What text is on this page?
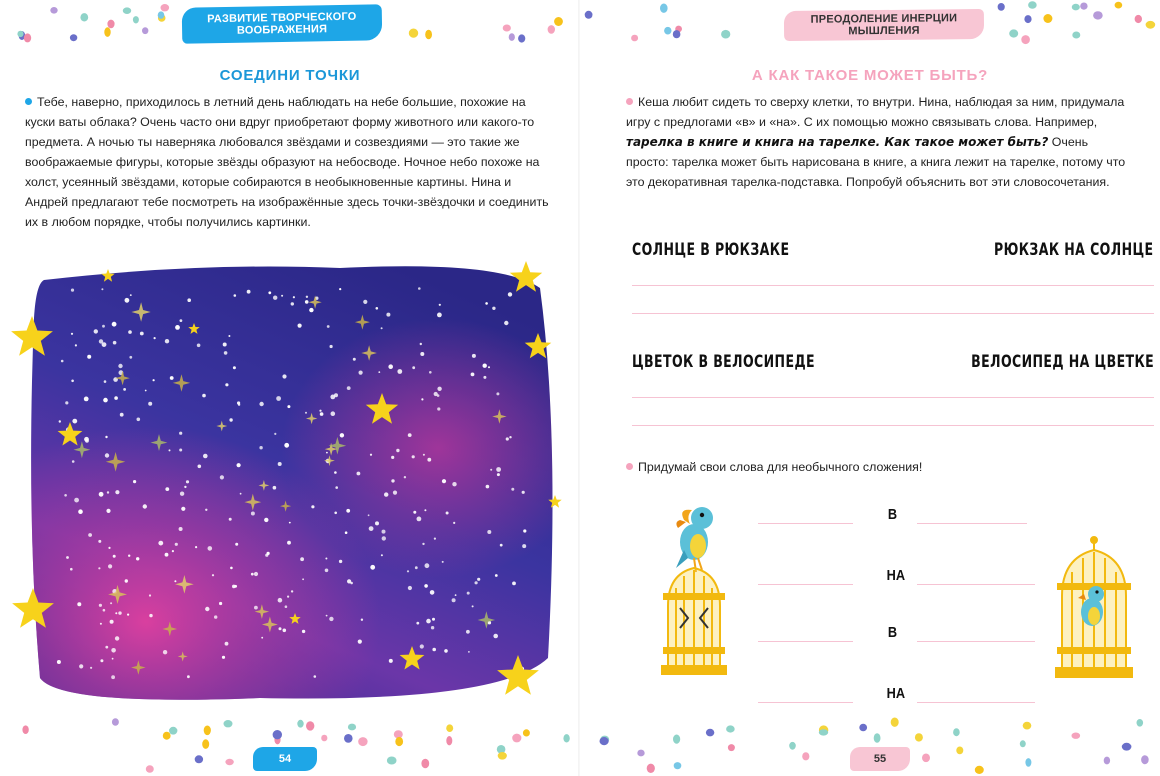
РАЗВИТИЕ ТВОРЧЕСКОГО ВООБРАЖЕНИЯ
СОЕДИНИ ТОЧКИ
Тебе, наверно, приходилось в летний день наблюдать на небе большие, похожие на куски ваты облака? Очень часто они вдруг приобретают форму животного или какого-то предмета. А ночью ты наверняка любовался звёздами и созвездиями — это такие же воображаемые фигуры, которые звёзды образуют на небосводе. Ночное небо похоже на холст, усеянный звёздами, которые собираются в необыкновенные картины. Нина и Андрей предлагают тебе посмотреть на изображённые здесь точки-звёздочки и соединить их в любом порядке, чтобы получились картинки.
54
ПРЕОДОЛЕНИЕ ИНЕРЦИИ МЫШЛЕНИЯ
А КАК ТАКОЕ МОЖЕТ БЫТЬ?
Кеша любит сидеть то сверху клетки, то внутри. Нина, наблюдая за ним, придумала игру с предлогами «в» и «на». С их помощью можно связывать слова. Например, тарелка в книге и книга на тарелке. Как такое может быть? Очень просто: тарелка может быть нарисована в книге, а книга лежит на тарелке, потому что это декоративная тарелка-подставка. Попробуй объяснить вот эти словосочетания.
СОЛНЦЕ В РЮКЗАКЕ	РЮКЗАК НА СОЛНЦЕ
ЦВЕТОК В ВЕЛОСИПЕДЕ	ВЕЛОСИПЕД НА ЦВЕТКЕ
Придумай свои слова для необычного сложения!
В
НА
В
НА
55
